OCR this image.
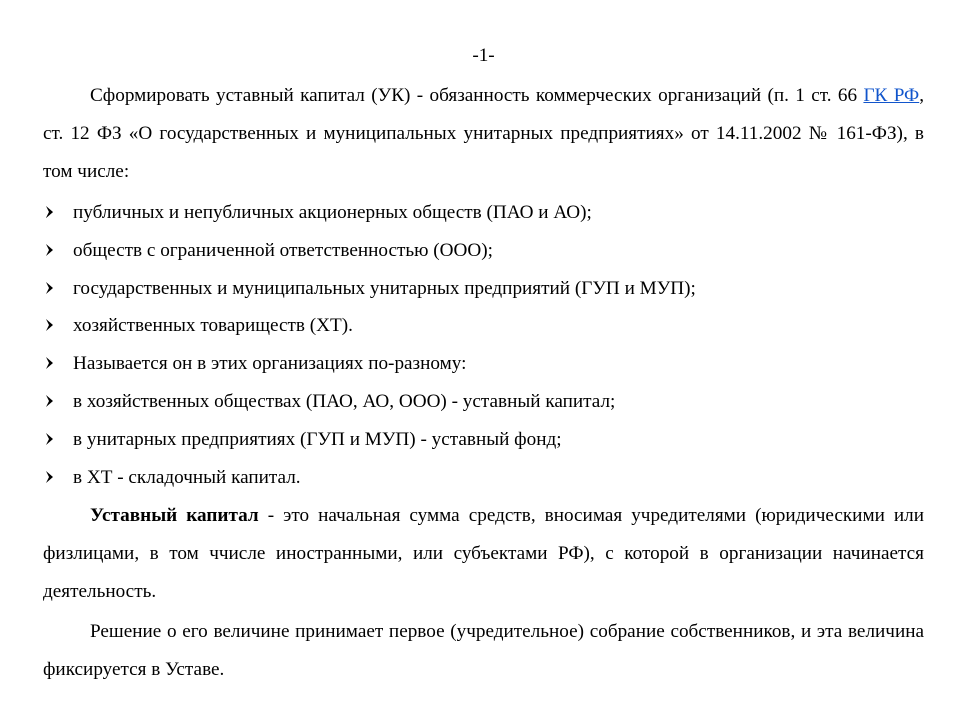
-1-

Сформировать уставный капитал (УК) - обязанность коммерческих организаций (п. 1 ст. 66 ГК РФ, ст. 12 ФЗ «О государственных и муниципальных унитарных предприятиях» от 14.11.2002 № 161-ФЗ), в том числе:

публичных и непубличных акционерных обществ (ПАО и АО);
обществ с ограниченной ответственностью (ООО);
государственных и муниципальных унитарных предприятий (ГУП и МУП);
хозяйственных товариществ (ХТ).
Называется он в этих организациях по-разному:
в хозяйственных обществах (ПАО, АО, ООО) - уставный капитал;
в унитарных предприятиях (ГУП и МУП) - уставный фонд;
в ХТ - складочный капитал.

Уставный капитал - это начальная сумма средств, вносимая учредителями (юридическими или физлицами, в том ччисле иностранными, или субъектами РФ), с которой в организации начинается деятельность.

Решение о его величине принимает первое (учредительное) собрание собственников, и эта величина фиксируется в Уставе.
